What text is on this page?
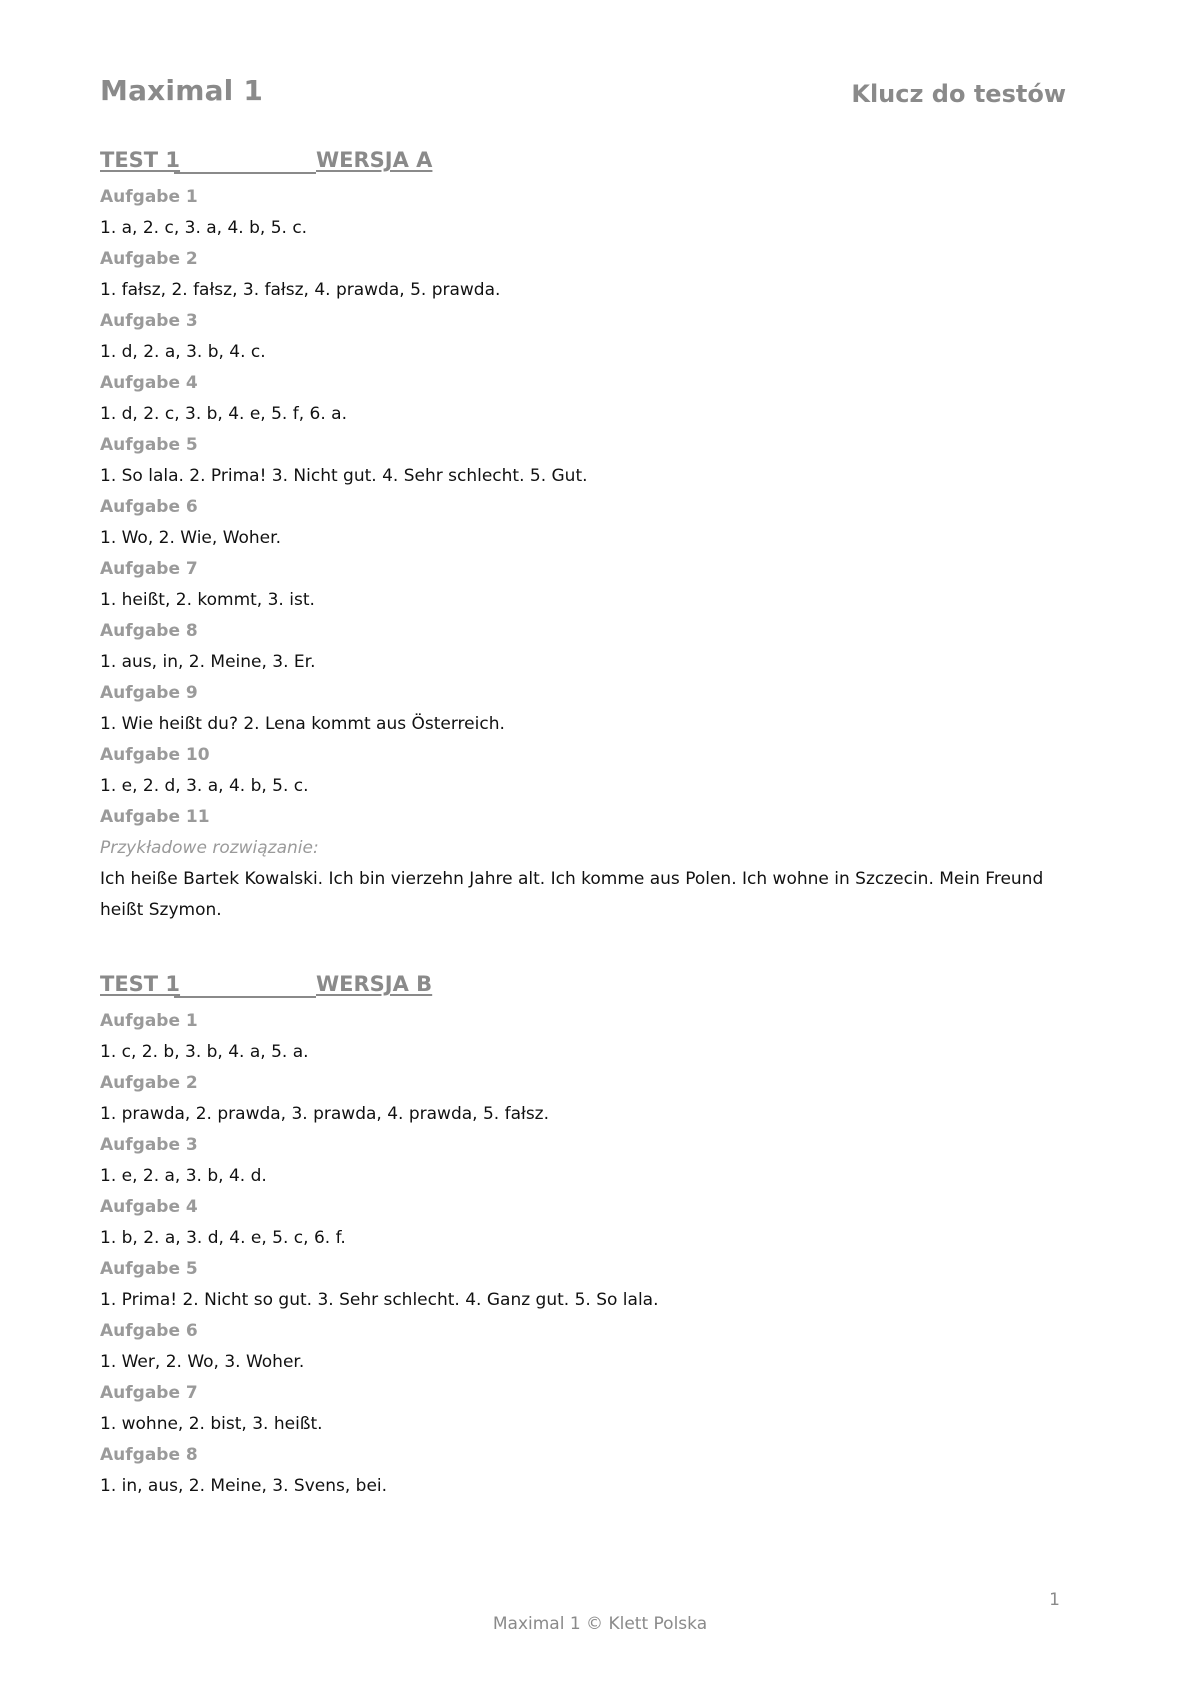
Maximal 1	Klucz do testów
TEST 1	WERSJA A
Aufgabe 1
1. a, 2. c, 3. a, 4. b, 5. c.
Aufgabe 2
1. fałsz, 2. fałsz, 3. fałsz, 4. prawda, 5. prawda.
Aufgabe 3
1. d, 2. a, 3. b, 4. c.
Aufgabe 4
1. d, 2. c, 3. b, 4. e, 5. f, 6. a.
Aufgabe 5
1. So lala. 2. Prima! 3. Nicht gut. 4. Sehr schlecht. 5. Gut.
Aufgabe 6
1. Wo, 2. Wie, Woher.
Aufgabe 7
1. heißt, 2. kommt, 3. ist.
Aufgabe 8
1. aus, in, 2. Meine, 3. Er.
Aufgabe 9
1. Wie heißt du? 2. Lena kommt aus Österreich.
Aufgabe 10
1. e, 2. d, 3. a, 4. b, 5. c.
Aufgabe 11
Przykładowe rozwiązanie:
Ich heiße Bartek Kowalski. Ich bin vierzehn Jahre alt. Ich komme aus Polen. Ich wohne in Szczecin. Mein Freund heißt Szymon.
TEST 1	WERSJA B
Aufgabe 1
1. c, 2. b, 3. b, 4. a, 5. a.
Aufgabe 2
1. prawda, 2. prawda, 3. prawda, 4. prawda, 5. fałsz.
Aufgabe 3
1. e, 2. a, 3. b, 4. d.
Aufgabe 4
1. b, 2. a, 3. d, 4. e, 5. c, 6. f.
Aufgabe 5
1. Prima! 2. Nicht so gut. 3. Sehr schlecht. 4. Ganz gut. 5. So lala.
Aufgabe 6
1. Wer, 2. Wo, 3. Woher.
Aufgabe 7
1. wohne, 2. bist, 3. heißt.
Aufgabe 8
1. in, aus, 2. Meine, 3. Svens, bei.
1
Maximal 1 © Klett Polska
